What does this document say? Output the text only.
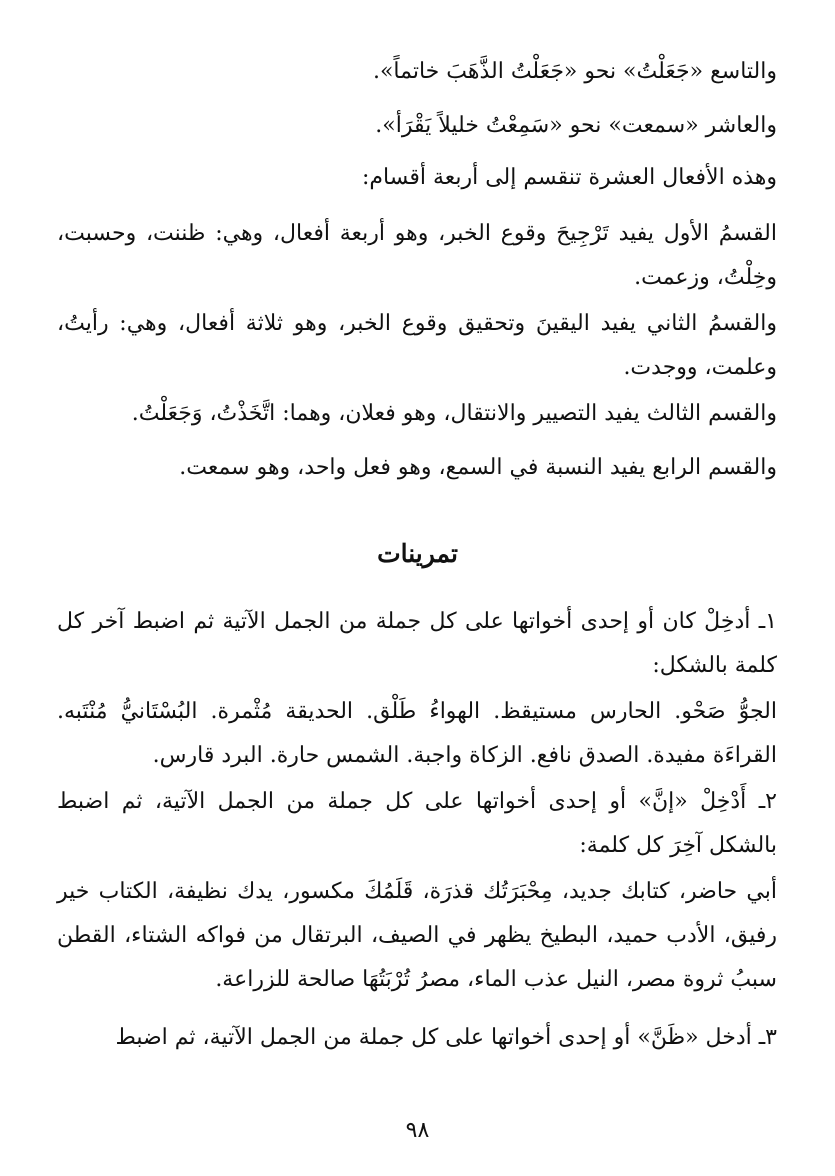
والتاسع «جَعَلْتُ» نحو «جَعَلْتُ الذَّهَبَ خاتماً».

والعاشر «سمعت» نحو «سَمِعْتُ خليلاً يَقْرَأ».

وهذه الأفعال العشرة تنقسم إلى أربعة أقسام:

القسمُ الأول يفيد تَرْجِيحَ وقوع الخبر، وهو أربعة أفعال، وهي: ظننت، وحسبت، وخِلْتُ، وزعمت.

والقسمُ الثاني يفيد اليقينَ وتحقيق وقوع الخبر، وهو ثلاثة أفعال، وهي: رأيتُ، وعلمت، ووجدت.

والقسم الثالث يفيد التصيير والانتقال، وهو فعلان، وهما: اتَّخَذْتُ، وَجَعَلْتُ.

والقسم الرابع يفيد النسبة في السمع، وهو فعل واحد، وهو سمعت.

تمرينات

١ـ أدخِلْ كان أو إحدى أخواتها على كل جملة من الجمل الآتية ثم اضبط آخر كل كلمة بالشكل:

الجوُّ صَحْو. الحارس مستيقظ. الهواءُ طَلْق. الحديقة مُثْمرة. البُسْتَانيُّ مُنْتَبه. القراءَة مفيدة. الصدق نافع. الزكاة واجبة. الشمس حارة. البرد قارس.

٢ـ أَدْخِلْ «إنَّ» أو إحدى أخواتها على كل جملة من الجمل الآتية، ثم اضبط بالشكل آخِرَ كل كلمة:

أبي حاضر، كتابك جديد، مِحْبَرَتُك قذرَة، قَلَمُكَ مكسور، يدك نظيفة، الكتاب خير رفيق، الأدب حميد، البطيخ يظهر في الصيف، البرتقال من فواكه الشتاء، القطن سببُ ثروة مصر، النيل عذب الماء، مصرُ تُرْبَتُهَا صالحة للزراعة.

٣ـ أدخل «ظَنَّ» أو إحدى أخواتها على كل جملة من الجمل الآتية، ثم اضبط

٩٨
